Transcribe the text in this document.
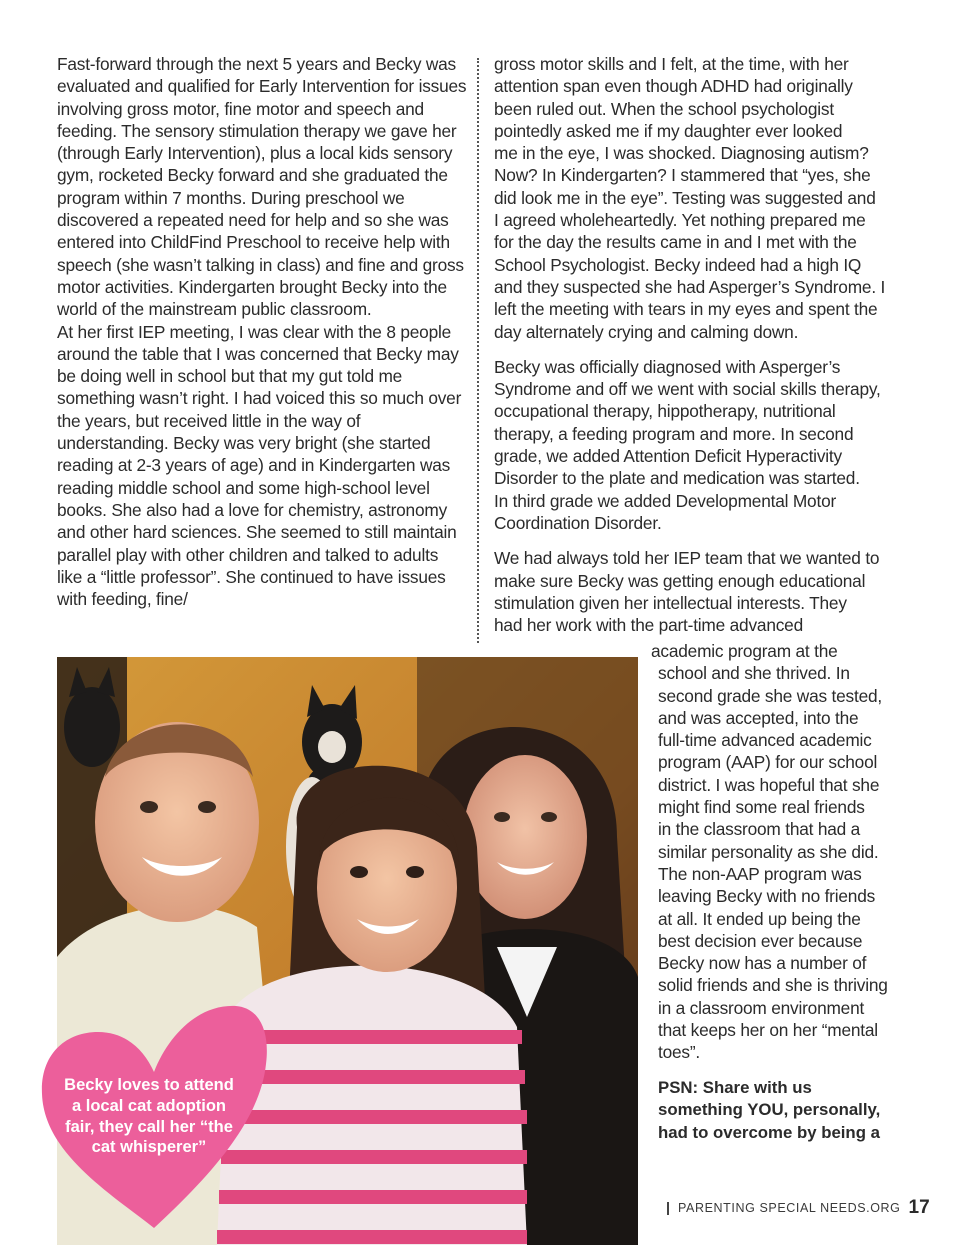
Fast-forward through the next 5 years and Becky was evaluated and qualified for Early Intervention for issues involving gross motor, fine motor and speech and feeding. The sensory stimulation therapy we gave her (through Early Intervention), plus a local kids sensory gym, rocketed Becky forward and she graduated the program within 7 months. During preschool we discovered a repeated need for help and so she was entered into ChildFind Preschool to receive help with speech (she wasn’t talking in class) and fine and gross motor activities. Kindergarten brought Becky into the world of the mainstream public classroom.

At her first IEP meeting, I was clear with the 8 people around the table that I was concerned that Becky may be doing well in school but that my gut told me something wasn’t right. I had voiced this so much over the years, but received little in the way of understanding. Becky was very bright (she started reading at 2-3 years of age) and in Kindergarten was reading middle school and some high-school level books. She also had a love for chemistry, astronomy and other hard sciences. She seemed to still maintain parallel play with other children and talked to adults like a “little professor”. She continued to have issues with feeding, fine/

gross motor skills and I felt, at the time, with her
attention span even though ADHD had originally
been ruled out. When the school psychologist
pointedly asked me if my daughter ever looked
me in the eye, I was shocked. Diagnosing autism?
Now? In Kindergarten? I stammered that “yes, she
did look me in the eye”. Testing was suggested and
I agreed wholeheartedly. Yet nothing prepared me
for the day the results came in and I met with the
School Psychologist. Becky indeed had a high IQ
and they suspected she had Asperger’s Syndrome. I
left the meeting with tears in my eyes and spent the
day alternately crying and calming down.

Becky was officially diagnosed with Asperger’s
Syndrome and off we went with social skills therapy,
occupational therapy, hippotherapy, nutritional
therapy, a feeding program and more. In second
grade, we added Attention Deficit Hyperactivity
Disorder to the plate and medication was started.
In third grade we added Developmental Motor
Coordination Disorder.

We had always told her IEP team that we wanted to
make sure Becky was getting enough educational
stimulation given her intellectual interests. They
had her work with the part-time advanced

academic program at the
school and she thrived. In
second grade she was tested,
and was accepted, into the
full-time advanced academic
program (AAP) for our school
district. I was hopeful that she
might find some real friends
in the classroom that had a
similar personality as she did.
The non-AAP program was
leaving Becky with no friends
at all. It ended up being the
best decision ever because
Becky now has a number of
solid friends and she is thriving
in a classroom environment
that keeps her on her “mental
toes”.
Becky loves to attend a local cat adoption fair, they call her “the cat whisperer”
PSN: Share with us
something YOU, personally,
had to overcome by being a
PARENTING SPECIAL NEEDS.ORG 17
